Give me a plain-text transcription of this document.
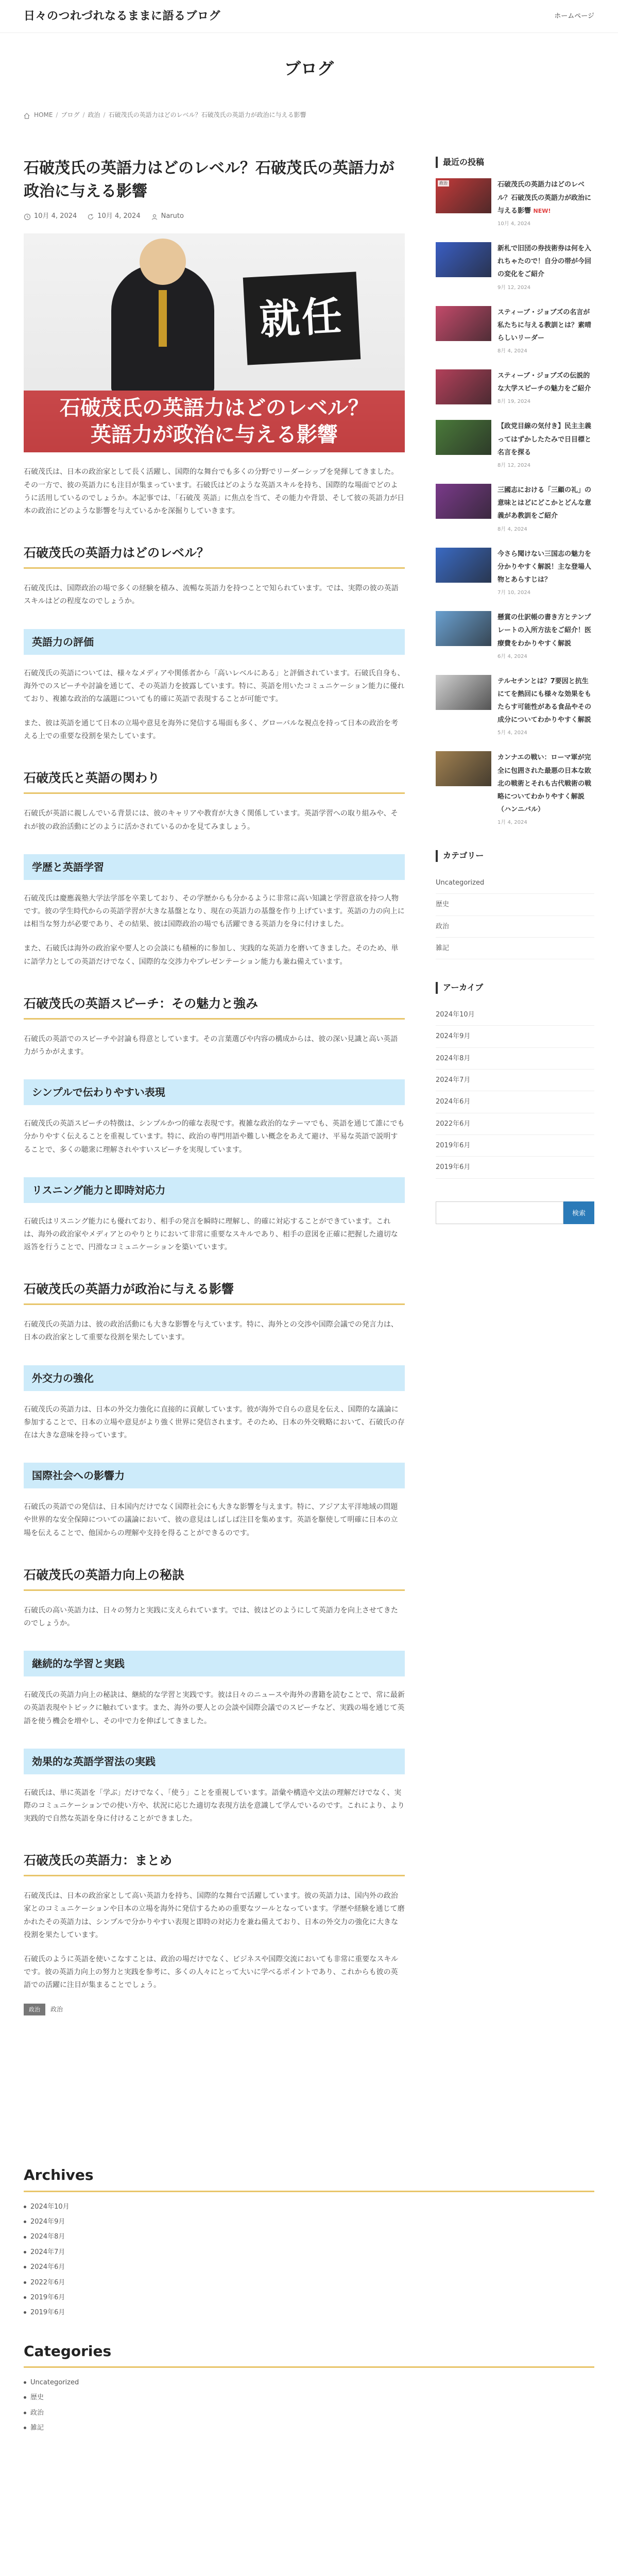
日々のつれづれなるままに語るブログ	ホームページ
ブログ
HOME / ブログ / 政治 / 石破茂氏の英語力はどのレベル？石破茂氏の英語力が政治に与える影響
石破茂氏の英語力はどのレベル？石破茂氏の英語力が政治に与える影響
10月 4, 2024	10月 4, 2024	Naruto
就任
石破茂氏の英語力はどのレベル？
英語力が政治に与える影響

石破茂氏は、日本の政治家として長く活躍し、国際的な舞台でも多くの分野でリーダーシップを発揮してきました。その一方で、彼の英語力にも注目が集まっています。石破氏はどのような英語スキルを持ち、国際的な場面でどのように活用しているのでしょうか。本記事では、「石破茂 英語」に焦点を当て、その能力や背景、そして彼の英語力が日本の政治にどのような影響を与えているかを深掘りしていきます。

石破茂氏の英語力はどのレベル？

石破茂氏は、国際政治の場で多くの経験を積み、流暢な英語力を持つことで知られています。では、実際の彼の英語スキルはどの程度なのでしょうか。

英語力の評価

石破茂氏の英語については、様々なメディアや関係者から「高いレベルにある」と評価されています。石破氏自身も、海外でのスピーチや討論を通じて、その英語力を披露しています。特に、英語を用いたコミュニケーション能力に優れており、複雑な政治的な議題についても的確に英語で表現することが可能です。

また、彼は英語を通じて日本の立場や意見を海外に発信する場面も多く、グローバルな視点を持って日本の政治を考える上での重要な役割を果たしています。

石破茂氏と英語の関わり

石破氏が英語に親しんでいる背景には、彼のキャリアや教育が大きく関係しています。英語学習への取り組みや、それが彼の政治活動にどのように活かされているのかを見てみましょう。

学歴と英語学習

石破茂氏は慶應義塾大学法学部を卒業しており、その学歴からも分かるように非常に高い知識と学習意欲を持つ人物です。彼の学生時代からの英語学習が大きな基盤となり、現在の英語力の基盤を作り上げています。英語の力の向上には相当な努力が必要であり、その結果、彼は国際政治の場でも活躍できる英語力を身に付けました。

また、石破氏は海外の政治家や要人との会談にも積極的に参加し、実践的な英語力を磨いてきました。そのため、単に語学力としての英語だけでなく、国際的な交渉力やプレゼンテーション能力も兼ね備えています。

石破茂氏の英語スピーチ：その魅力と強み

石破氏の英語でのスピーチや討論も得意としています。その言葉選びや内容の構成からは、彼の深い見識と高い英語力がうかがえます。

シンプルで伝わりやすい表現

石破茂氏の英語スピーチの特徴は、シンプルかつ的確な表現です。複雑な政治的なテーマでも、英語を通じて誰にでも分かりやすく伝えることを重視しています。特に、政治の専門用語や難しい概念をあえて避け、平易な英語で説明することで、多くの聴衆に理解されやすいスピーチを実現しています。

リスニング能力と即時対応力

石破氏はリスニング能力にも優れており、相手の発言を瞬時に理解し、的確に対応することができています。これは、海外の政治家やメディアとのやりとりにおいて非常に重要なスキルであり、相手の意図を正確に把握した適切な返答を行うことで、円滑なコミュニケーションを築いています。

石破茂氏の英語力が政治に与える影響

石破茂氏の英語力は、彼の政治活動にも大きな影響を与えています。特に、海外との交渉や国際会議での発言力は、日本の政治家として重要な役割を果たしています。

外交力の強化

石破茂氏の英語力は、日本の外交力強化に直接的に貢献しています。彼が海外で自らの意見を伝え、国際的な議論に参加することで、日本の立場や意見がより強く世界に発信されます。そのため、日本の外交戦略において、石破氏の存在は大きな意味を持っています。

国際社会への影響力

石破氏の英語での発信は、日本国内だけでなく国際社会にも大きな影響を与えます。特に、アジア太平洋地域の問題や世界的な安全保障についての議論において、彼の意見はしばしば注目を集めます。英語を駆使して明確に日本の立場を伝えることで、他国からの理解や支持を得ることができるのです。

石破茂氏の英語力向上の秘訣

石破氏の高い英語力は、日々の努力と実践に支えられています。では、彼はどのようにして英語力を向上させてきたのでしょうか。

継続的な学習と実践

石破茂氏の英語力向上の秘訣は、継続的な学習と実践です。彼は日々のニュースや海外の書籍を読むことで、常に最新の英語表現やトピックに触れています。また、海外の要人との会談や国際会議でのスピーチなど、実践の場を通じて英語を使う機会を増やし、その中で力を伸ばしてきました。

効果的な英語学習法の実践

石破氏は、単に英語を「学ぶ」だけでなく、「使う」ことを重視しています。語彙や構造や文法の理解だけでなく、実際のコミュニケーションでの使い方や、状況に応じた適切な表現方法を意識して学んでいるのです。これにより、より実践的で自然な英語を身に付けることができました。

石破茂氏の英語力：まとめ

石破茂氏は、日本の政治家として高い英語力を持ち、国際的な舞台で活躍しています。彼の英語力は、国内外の政治家とのコミュニケーションや日本の立場を海外に発信するための重要なツールとなっています。学歴や経験を通じて磨かれたその英語力は、シンプルで分かりやすい表現と即時の対応力を兼ね備えており、日本の外交力の強化に大きな役割を果たしています。

石破氏のように英語を使いこなすことは、政治の場だけでなく、ビジネスや国際交流においても非常に重要なスキルです。彼の英語力向上の努力と実践を参考に、多くの人々にとって大いに学べるポイントであり、これからも彼の英語での活躍に注目が集まることでしょう。

政治	政治
最近の投稿
政治	石破茂氏の英語力はどのレベル？石破茂氏の英語力が政治に与える影響 NEW!
10月 4, 2024
新札で旧団の券技術券は何を入れちゃたので！自分の帯が今回の変化をご紹介
9月 12, 2024
スティーブ・ジョブズの名言が私たちに与える教訓とは？素晴らしいリーダー
8月 4, 2024
スティーブ・ジョブズの伝説的な大学スピーチの魅力をご紹介
8月 19, 2024
【政党目線の気付き】民主主義ってはずかしたたみで日目標と名言を探る
8月 12, 2024
三國志における「三顧の礼」の意味とはどにどこかとどんな意義があ教訓をご紹介
8月 4, 2024
今さら聞けない三国志の魅力を分かりやすく解説！主な登場人物とあらすじは？
7月 10, 2024
懸賞の仕訳帳の書き方とテンプレートの入所方法をご紹介！医療費をわかりやすく解説
6月 4, 2024
テルセチンとは？7要因と抗生にてを熱回にも様々な効果をもたらす可能性がある食品やその成分についてわかりやすく解説
5月 4, 2024
カンナエの戦い：ローマ軍が完全に包囲された最悪の日本な敗北の戦術とそれも古代戦術の戦略についてわかりやすく解説（ハンニバル）
1月 4, 2024
カテゴリー
Uncategorized
歴史
政治
雑記
アーカイブ
2024年10月
2024年9月
2024年8月
2024年7月
2024年6月
2022年6月
2019年6月
2019年6月
検索
Archives
2024年10月
2024年9月
2024年8月
2024年7月
2024年6月
2022年6月
2019年6月
2019年6月
Categories
Uncategorized
歴史
政治
雑記
